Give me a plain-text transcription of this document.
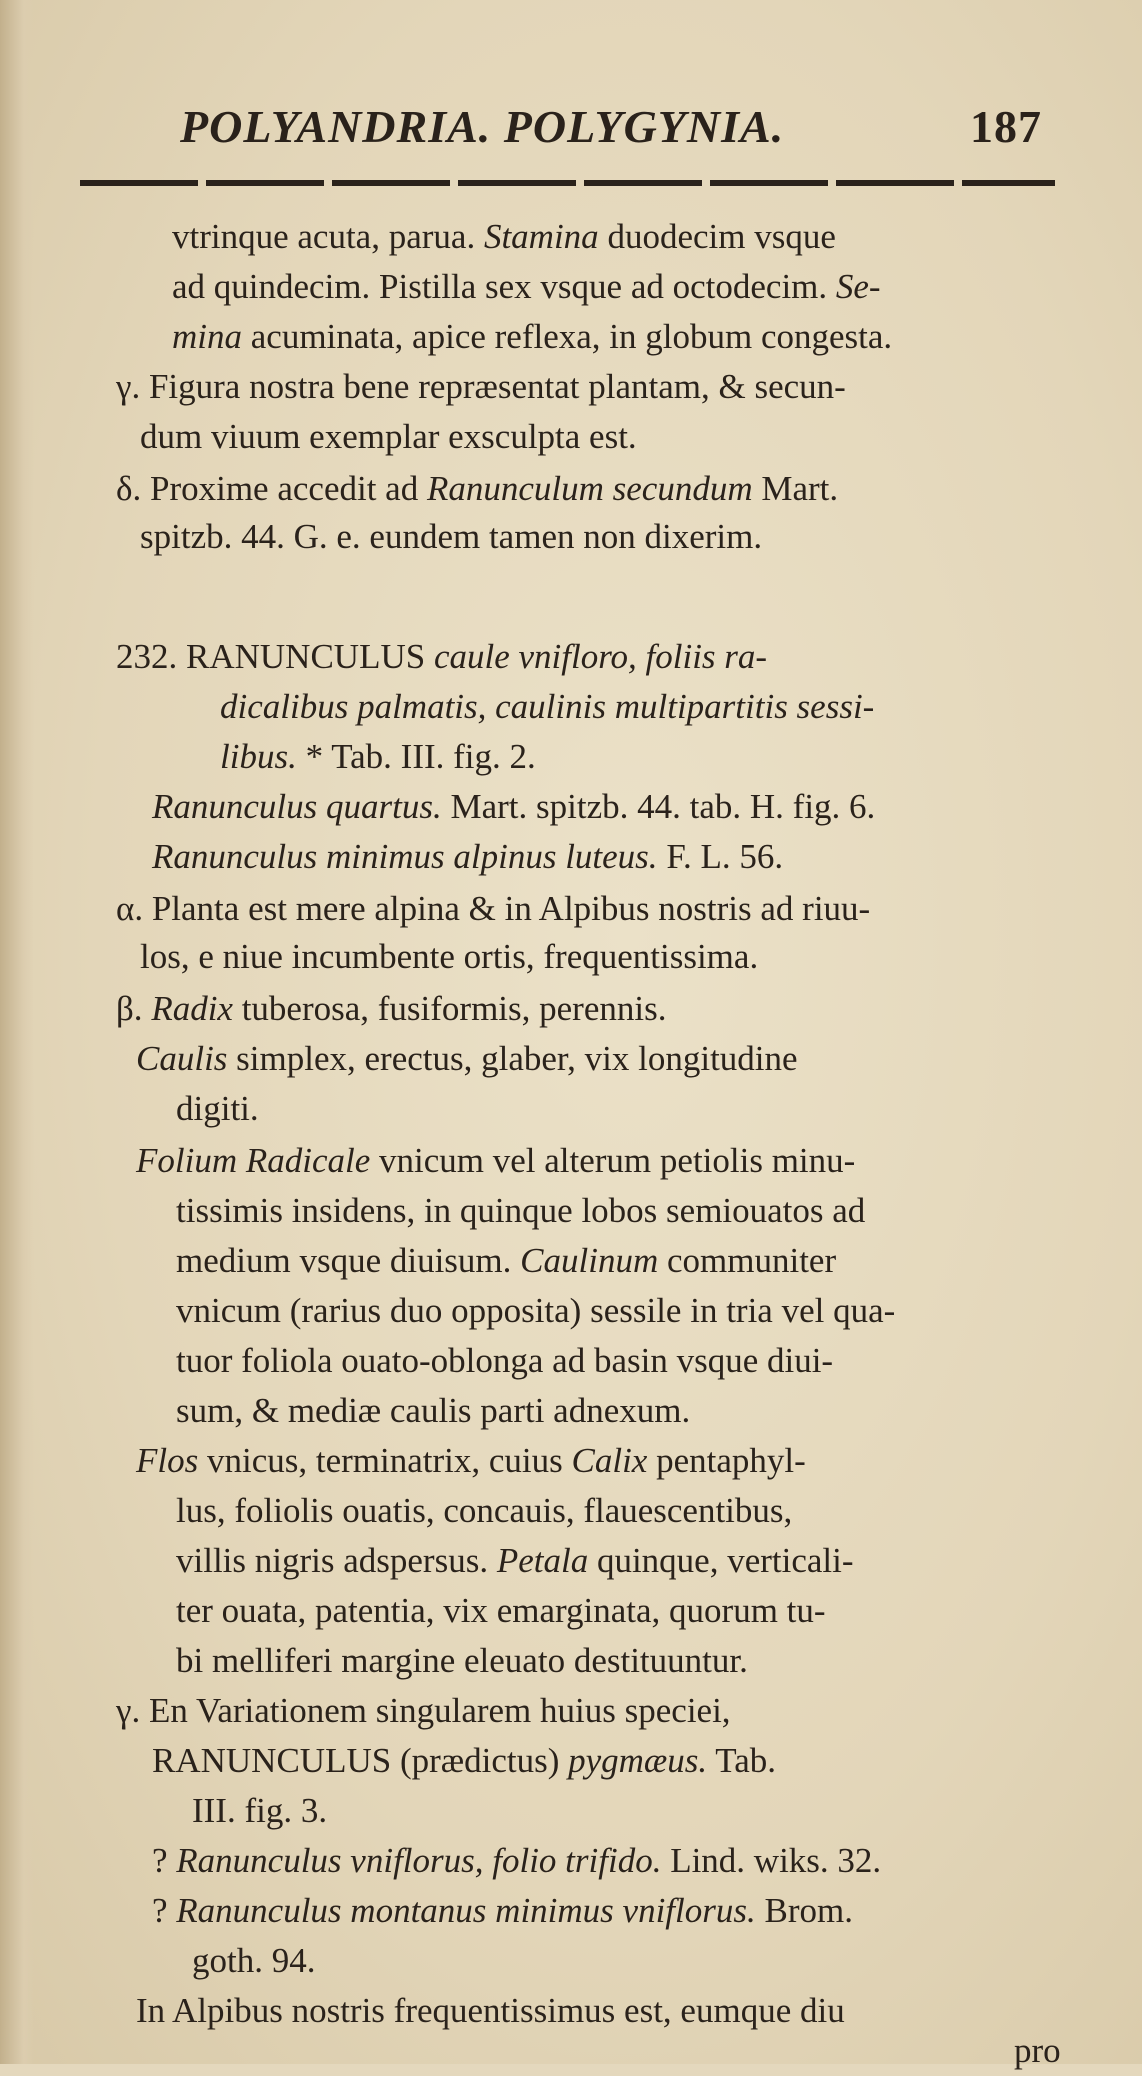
POLYANDRIA. POLYGYNIA.	187
vtrinque acuta, parua. Stamina duodecim vsque
ad quindecim. Pistilla sex vsque ad octodecim. Se-
mina acuminata, apice reflexa, in globum congesta.
γ. Figura nostra bene repræsentat plantam, & secun-
dum viuum exemplar exsculpta est.
δ. Proxime accedit ad Ranunculum secundum Mart.
spitzb. 44. G. e. eundem tamen non dixerim.
232. RANUNCULUS caule vnifloro, foliis ra-
dicalibus palmatis, caulinis multipartitis sessi-
libus. * Tab. III. fig. 2.
Ranunculus quartus. Mart. spitzb. 44. tab. H. fig. 6.
Ranunculus minimus alpinus luteus. F. L. 56.
α. Planta est mere alpina & in Alpibus nostris ad riuu-
los, e niue incumbente ortis, frequentissima.
β. Radix tuberosa, fusiformis, perennis.
Caulis simplex, erectus, glaber, vix longitudine
digiti.
Folium Radicale vnicum vel alterum petiolis minu-
tissimis insidens, in quinque lobos semiouatos ad
medium vsque diuisum. Caulinum communiter
vnicum (rarius duo opposita) sessile in tria vel qua-
tuor foliola ouato-oblonga ad basin vsque diui-
sum, & mediæ caulis parti adnexum.
Flos vnicus, terminatrix, cuius Calix pentaphyl-
lus, foliolis ouatis, concauis, flauescentibus,
villis nigris adspersus. Petala quinque, verticali-
ter ouata, patentia, vix emarginata, quorum tu-
bi melliferi margine eleuato destituuntur.
γ. En Variationem singularem huius speciei,
RANUNCULUS (prædictus) pygmæus. Tab.
III. fig. 3.
? Ranunculus vniflorus, folio trifido. Lind. wiks. 32.
? Ranunculus montanus minimus vniflorus. Brom.
goth. 94.
In Alpibus nostris frequentissimus est, eumque diu
pro
